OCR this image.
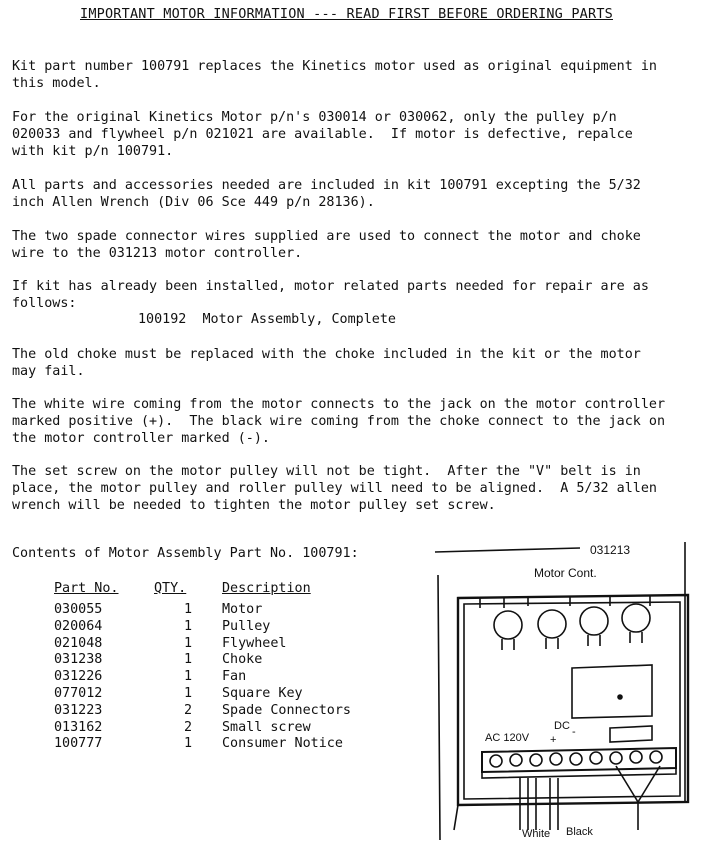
IMPORTANT MOTOR INFORMATION --- READ FIRST BEFORE ORDERING PARTS
Kit part number 100791 replaces the Kinetics motor used as original equipment in
this model.
For the original Kinetics Motor p/n's 030014 or 030062, only the pulley p/n
020033 and flywheel p/n 021021 are available.  If motor is defective, repalce
with kit p/n 100791.
All parts and accessories needed are included in kit 100791 excepting the 5/32
inch Allen Wrench (Div 06 Sce 449 p/n 28136).
The two spade connector wires supplied are used to connect the motor and choke
wire to the 031213 motor controller.
If kit has already been installed, motor related parts needed for repair are as
follows:
100192  Motor Assembly, Complete
The old choke must be replaced with the choke included in the kit or the motor
may fail.
The white wire coming from the motor connects to the jack on the motor controller
marked positive (+).  The black wire coming from the choke connect to the jack on
the motor controller marked (-).
The set screw on the motor pulley will not be tight.  After the "V" belt is in
place, the motor pulley and roller pulley will need to be aligned.  A 5/32 allen
wrench will be needed to tighten the motor pulley set screw.
Contents of Motor Assembly Part No. 100791:
Part No.	QTY.	Description
030055	1	Motor
020064	1	Pulley
021048	1	Flywheel
031238	1	Choke
031226	1	Fan
077012	1	Square Key
031223	2	Spade Connectors
013162	2	Small screw
100777	1	Consumer Notice
031213
Motor Cont.
AC 120V +
DC -
White Black
